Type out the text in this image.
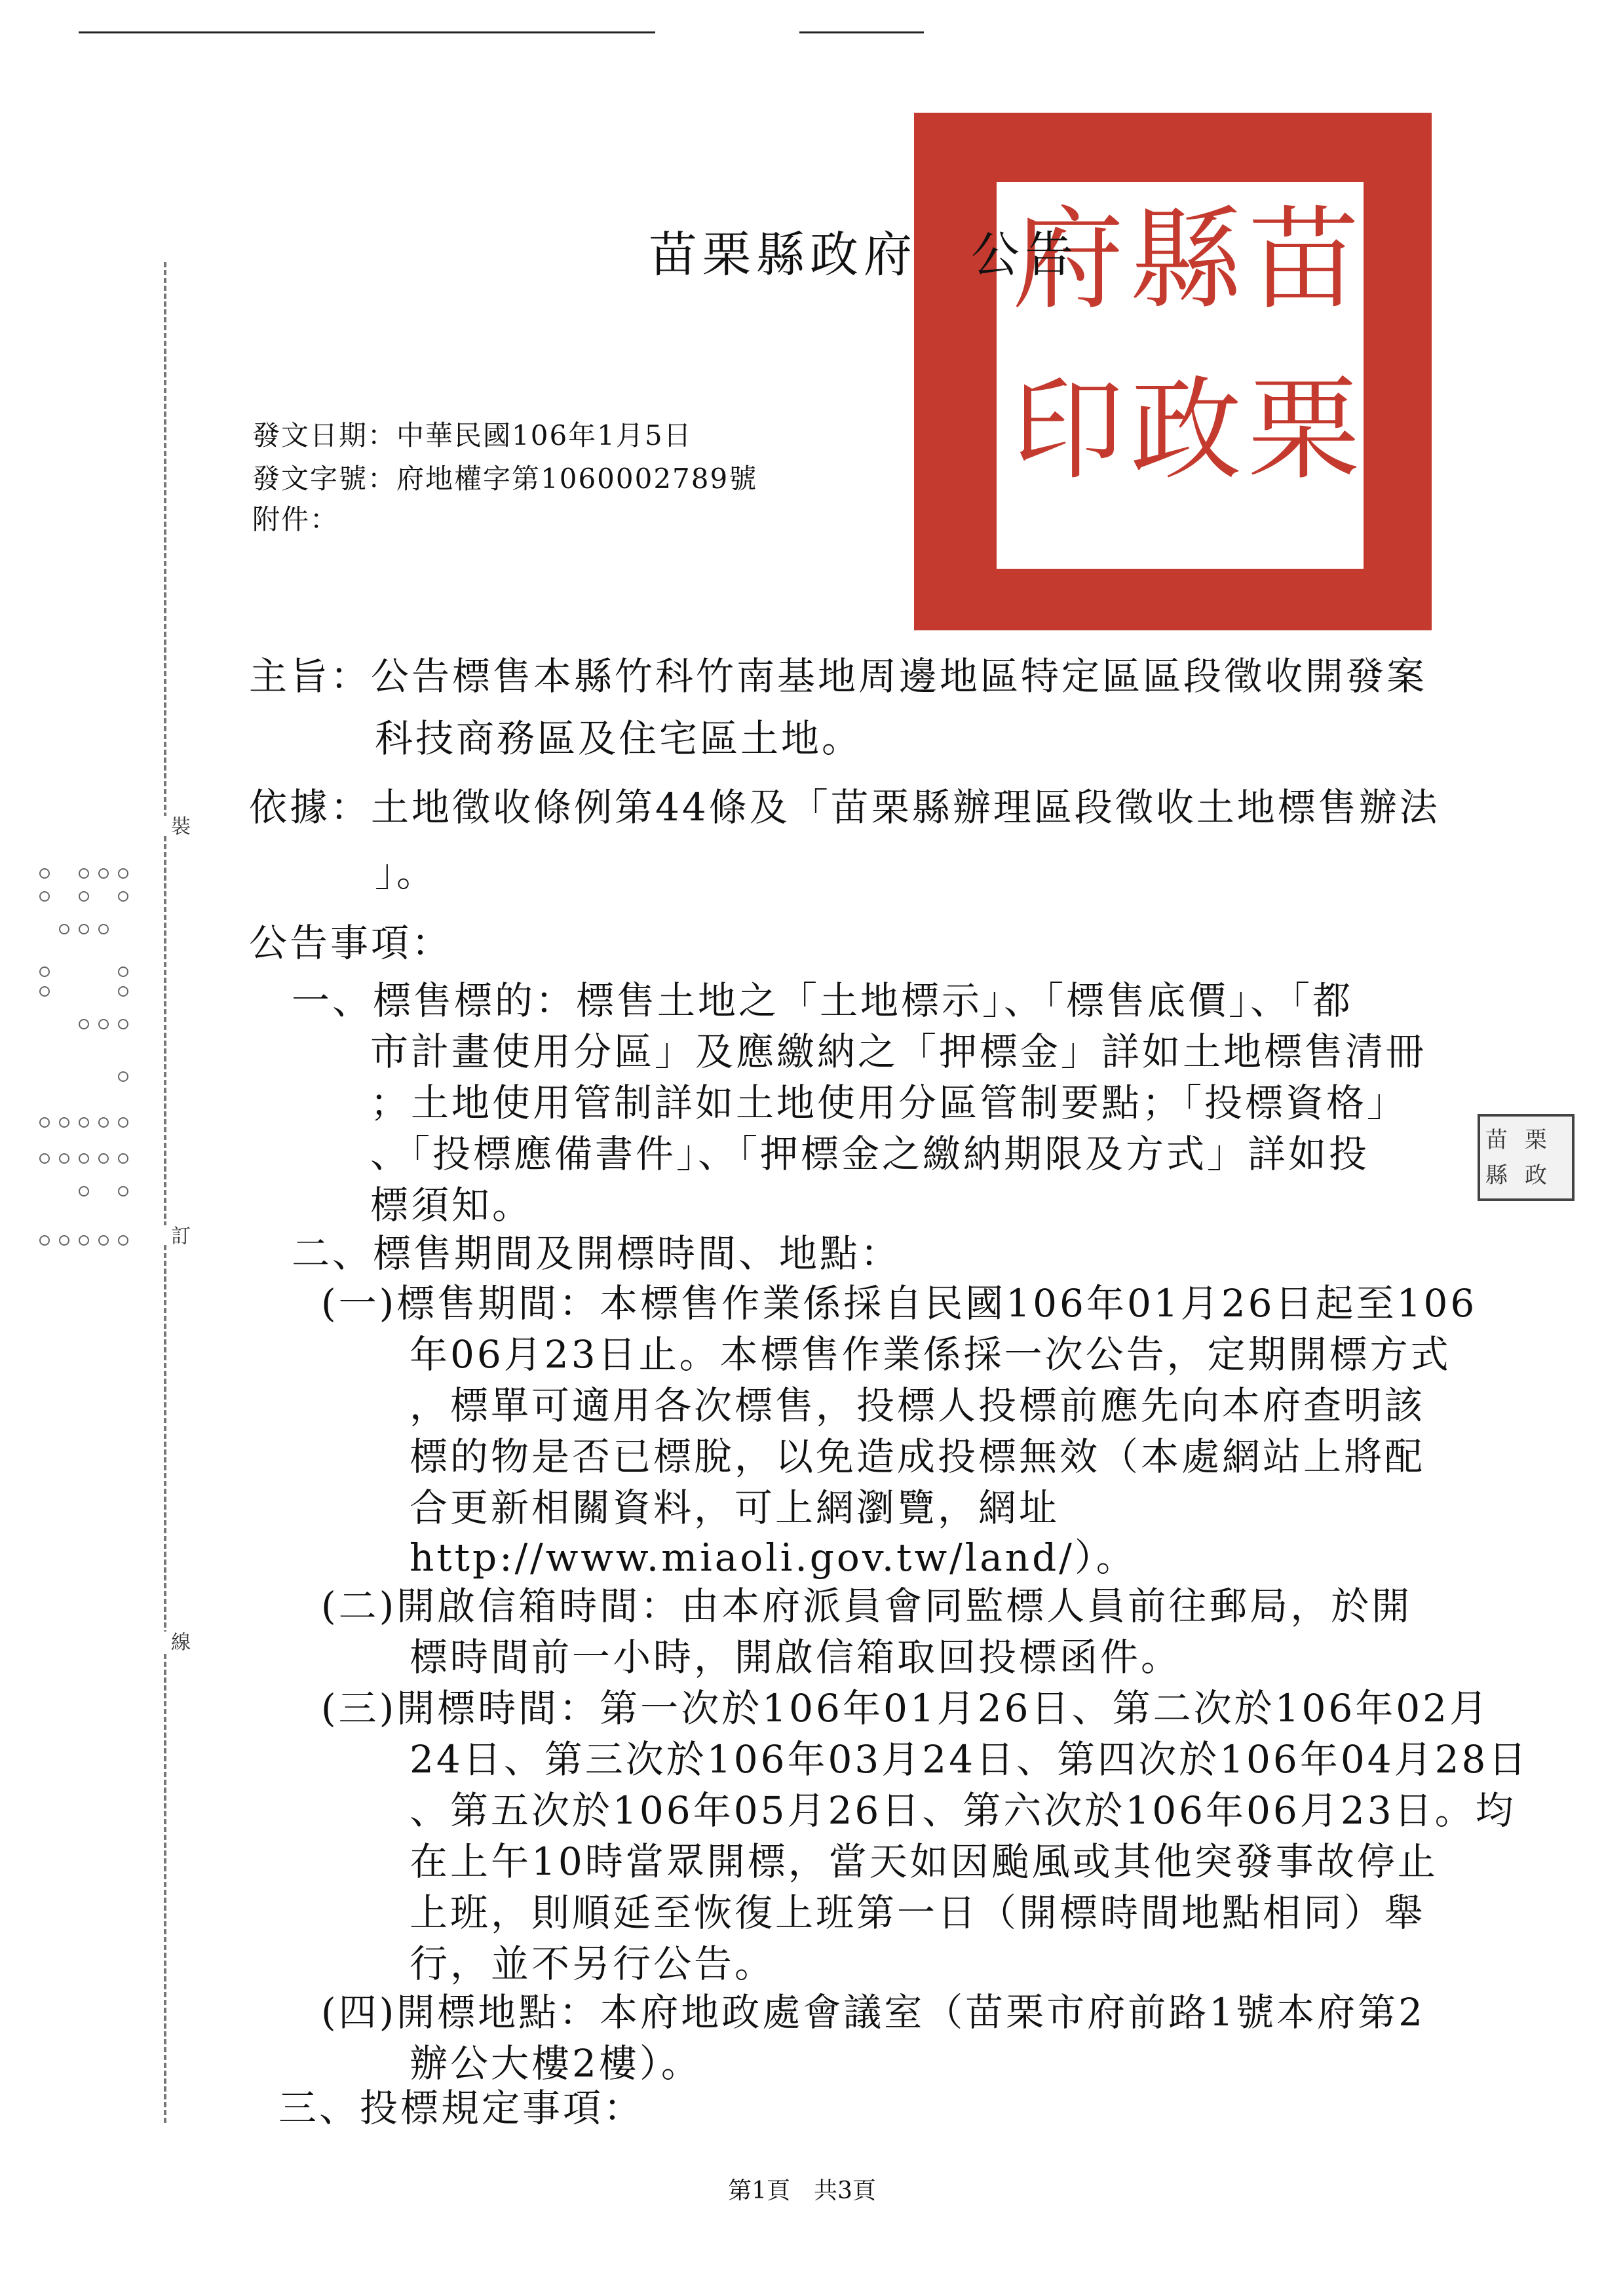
苗
栗
縣
政
府
印
苗栗縣政府　公告
發文日期：中華民國106年1月5日
發文字號：府地權字第1060002789號
附件：
主旨：公告標售本縣竹科竹南基地周邊地區特定區區段徵收開發案
科技商務區及住宅區土地。
依據：土地徵收條例第44條及「苗栗縣辦理區段徵收土地標售辦法
」。
公告事項：
一、標售標的：標售土地之「土地標示」、「標售底價」、「都
市計畫使用分區」及應繳納之「押標金」詳如土地標售清冊
；土地使用管制詳如土地使用分區管制要點；「投標資格」
、「投標應備書件」、「押標金之繳納期限及方式」詳如投
標須知。
二、標售期間及開標時間、地點：
(一)標售期間：本標售作業係採自民國106年01月26日起至106
年06月23日止。本標售作業係採一次公告，定期開標方式
，標單可適用各次標售，投標人投標前應先向本府查明該
標的物是否已標脫，以免造成投標無效（本處網站上將配
合更新相關資料，可上網瀏覽，網址
http://www.miaoli.gov.tw/land/）。
(二)開啟信箱時間：由本府派員會同監標人員前往郵局，於開
標時間前一小時，開啟信箱取回投標函件。
(三)開標時間：第一次於106年01月26日、第二次於106年02月
24日、第三次於106年03月24日、第四次於106年04月28日
、第五次於106年05月26日、第六次於106年06月23日。均
在上午10時當眾開標，當天如因颱風或其他突發事故停止
上班，則順延至恢復上班第一日（開標時間地點相同）舉
行，並不另行公告。
(四)開標地點：本府地政處會議室（苗栗市府前路1號本府第2
辦公大樓2樓）。
三、投標規定事項：
苗 栗
縣 政
裝
訂
線
第1頁　共3頁
